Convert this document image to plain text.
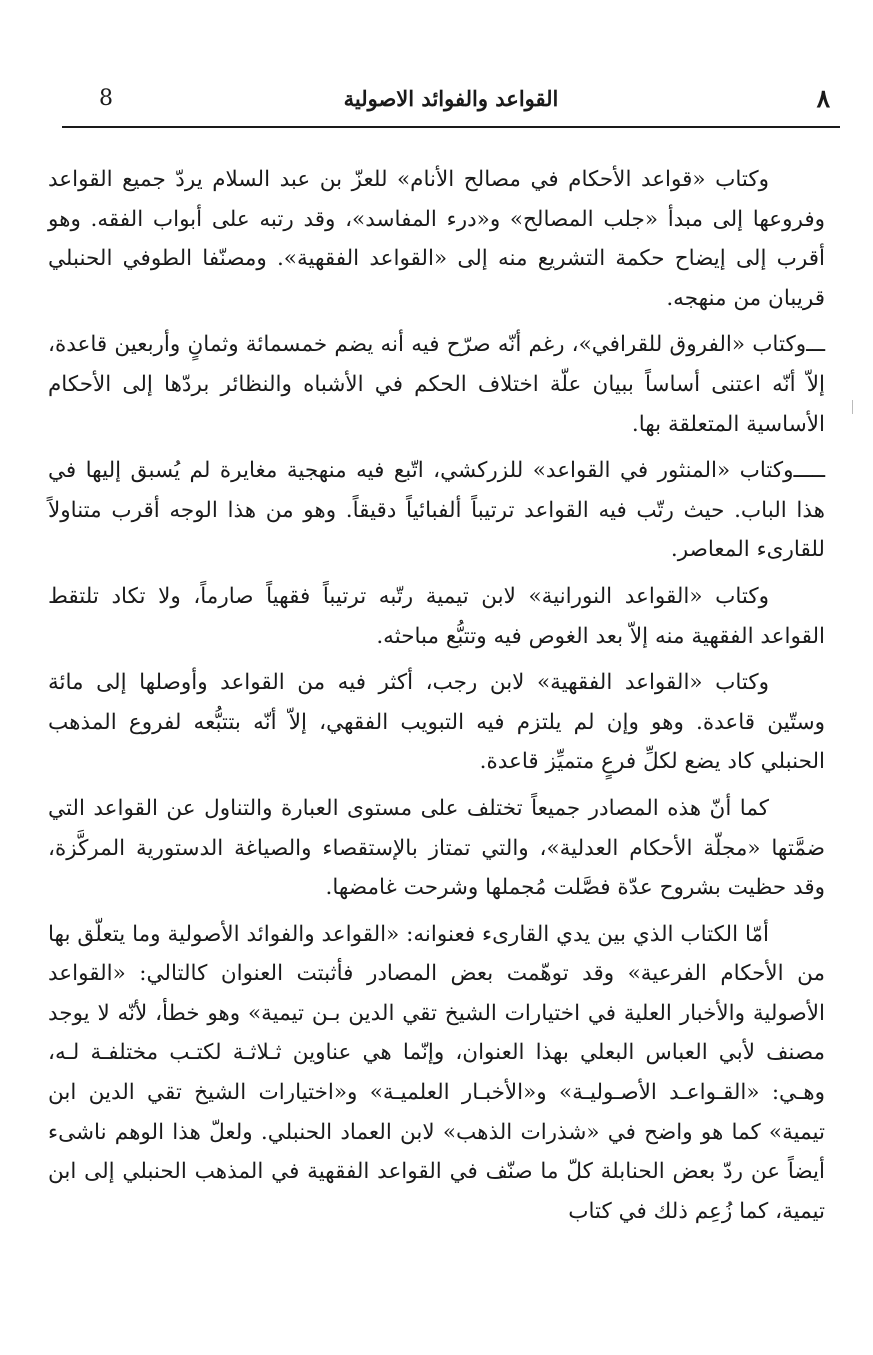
٨
القواعد والفوائد الاصولية
8

وكتاب «قواعد الأحكام في مصالح الأنام» للعزّ بن عبد السلام يردّ جميع القواعد وفروعها إلى مبدأ «جلب المصالح» و«درء المفاسد»، وقد رتبه على أبواب الفقه. وهو أقرب إلى إيضاح حكمة التشريع منه إلى «القواعد الفقهية». ومصنّفا الطوفي الحنبلي قريبان من منهجه.

ـــوكتاب «الفروق للقرافي»، رغم أنّه صرّح فيه أنه يضم خمسمائة وثمانٍ وأربعين قاعدة، إلاّ أنّه اعتنى أساساً ببيان علّة اختلاف الحكم في الأشباه والنظائر بردّها إلى الأحكام الأساسية المتعلقة بها.

ـــــوكتاب «المنثور في القواعد» للزركشي، اتّبع فيه منهجية مغايرة لم يُسبق إليها في هذا الباب. حيث رتّب فيه القواعد ترتيباً ألفبائياً دقيقاً. وهو من هذا الوجه أقرب متناولاً للقارىء المعاصر.

وكتاب «القواعد النورانية» لابن تيمية رتّبه ترتيباً فقهياً صارماً، ولا تكاد تلتقط القواعد الفقهية منه إلاّ بعد الغوص فيه وتتبُّع مباحثه.

وكتاب «القواعد الفقهية» لابن رجب، أكثر فيه من القواعد وأوصلها إلى مائة وستّين قاعدة. وهو وإن لم يلتزم فيه التبويب الفقهي، إلاّ أنّه بتتبُّعه لفروع المذهب الحنبلي كاد يضع لكلِّ فرعٍ متميِّز قاعدة.

كما أنّ هذه المصادر جميعاً تختلف على مستوى العبارة والتناول عن القواعد التي ضمَّتها «مجلّة الأحكام العدلية»، والتي تمتاز بالإستقصاء والصياغة الدستورية المركَّزة، وقد حظيت بشروح عدّة فصَّلت مُجملها وشرحت غامضها.

أمّا الكتاب الذي بين يدي القارىء فعنوانه: «القواعد والفوائد الأصولية وما يتعلّق بها من الأحكام الفرعية» وقد توهّمت بعض المصادر فأثبتت العنوان كالتالي: «القواعد الأصولية والأخبار العلية في اختيارات الشيخ تقي الدين بـن تيمية» وهو خطأ، لأنّه لا يوجد مصنف لأبي العباس البعلي بهذا العنوان، وإنّما هي عناوين ثـلاثـة لكتـب مختلفـة لـه، وهـي: «القـواعـد الأصـوليـة» و«الأخبـار العلميـة» و«اختيارات الشيخ تقي الدين ابن تيمية» كما هو واضح في «شذرات الذهب» لابن العماد الحنبلي. ولعلّ هذا الوهم ناشىء أيضاً عن ردّ بعض الحنابلة كلّ ما صنّف في القواعد الفقهية في المذهب الحنبلي إلى ابن تيمية، كما زُعِم ذلك في كتاب
